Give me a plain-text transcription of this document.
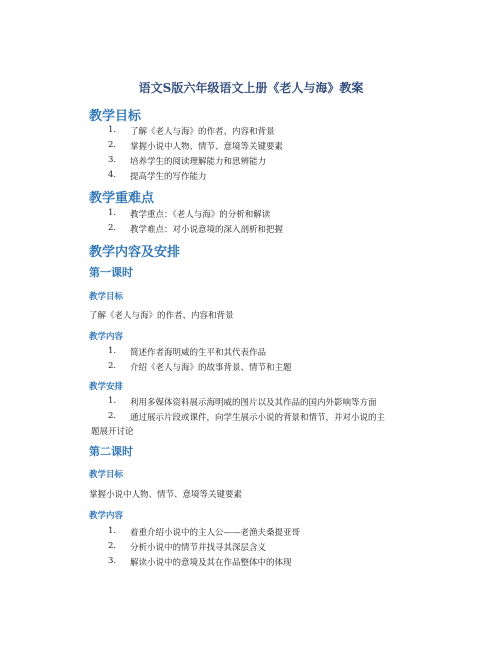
语文S版六年级语文上册《老人与海》教案
教学目标
1. 了解《老人与海》的作者、内容和背景
2. 掌握小说中人物、情节、意境等关键要素
3. 培养学生的阅读理解能力和思辨能力
4. 提高学生的写作能力
教学重难点
1. 教学重点：《老人与海》的分析和解读
2. 教学难点：对小说意境的深入剖析和把握
教学内容及安排
第一课时
教学目标
了解《老人与海》的作者、内容和背景
教学内容
1. 简述作者海明威的生平和其代表作品
2. 介绍《老人与海》的故事背景、情节和主题
教学安排
1. 利用多媒体资料展示海明威的图片以及其作品的国内外影响等方面
2. 通过展示片段或课件，向学生展示小说的背景和情节，并对小说的主
题展开讨论
第二课时
教学目标
掌握小说中人物、情节、意境等关键要素
教学内容
1. 着重介绍小说中的主人公——老渔夫桑提亚哥
2. 分析小说中的情节并找寻其深层含义
3. 解读小说中的意境及其在作品整体中的体现
